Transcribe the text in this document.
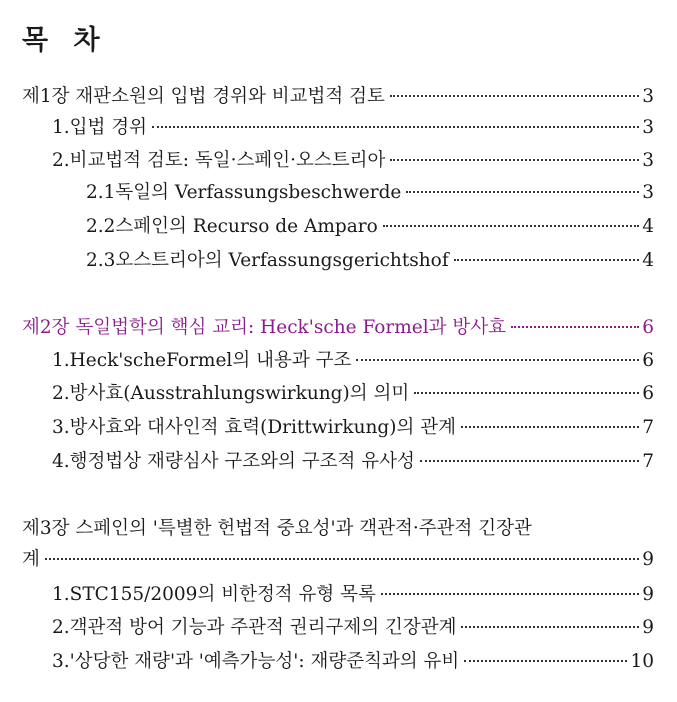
목 차
제1장 재판소원의 입법 경위와 비교법적 검토	3
1.입법 경위	3
2.비교법적 검토: 독일·스페인·오스트리아	3
2.1독일의 Verfassungsbeschwerde	3
2.2스페인의 Recurso de Amparo	4
2.3오스트리아의 Verfassungsgerichtshof	4
제2장 독일법학의 핵심 교리: Heck'sche Formel과 방사효	6
1.Heck'scheFormel의 내용과 구조	6
2.방사효(Ausstrahlungswirkung)의 의미	6
3.방사효와 대사인적 효력(Drittwirkung)의 관계	7
4.행정법상 재량심사 구조와의 구조적 유사성	7
제3장 스페인의 '특별한 헌법적 중요성'과 객관적·주관적 긴장관
계	9
1.STC155/2009의 비한정적 유형 목록	9
2.객관적 방어 기능과 주관적 권리구제의 긴장관계	9
3.'상당한 재량'과 '예측가능성': 재량준칙과의 유비	10
